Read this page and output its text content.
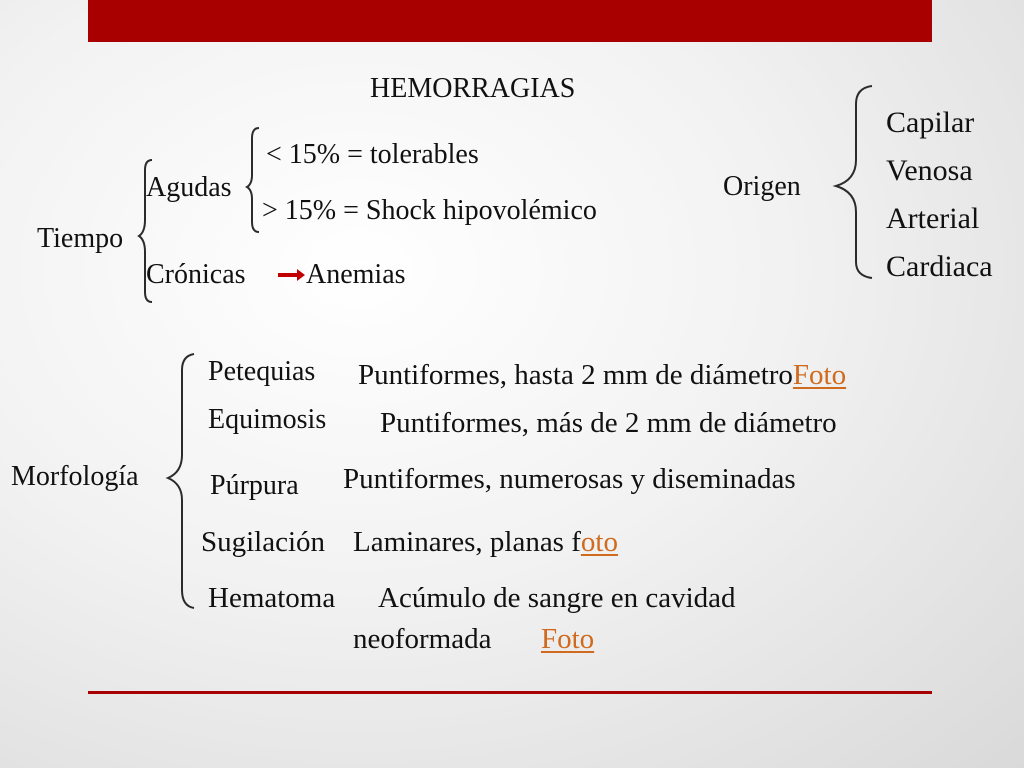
HEMORRAGIAS
Tiempo
Agudas
< 15% = tolerables
> 15% = Shock hipovolémico
Crónicas Anemias
Origen
Capilar
Venosa
Arterial
Cardiaca
Morfología
Petequias Puntiformes, hasta 2 mm de diámetroFoto
Equimosis Puntiformes, más de 2 mm de diámetro
Púrpura Puntiformes, numerosas y diseminadas
Sugilación Laminares, planas foto
Hematoma Acúmulo de sangre en cavidad
neoformada Foto
